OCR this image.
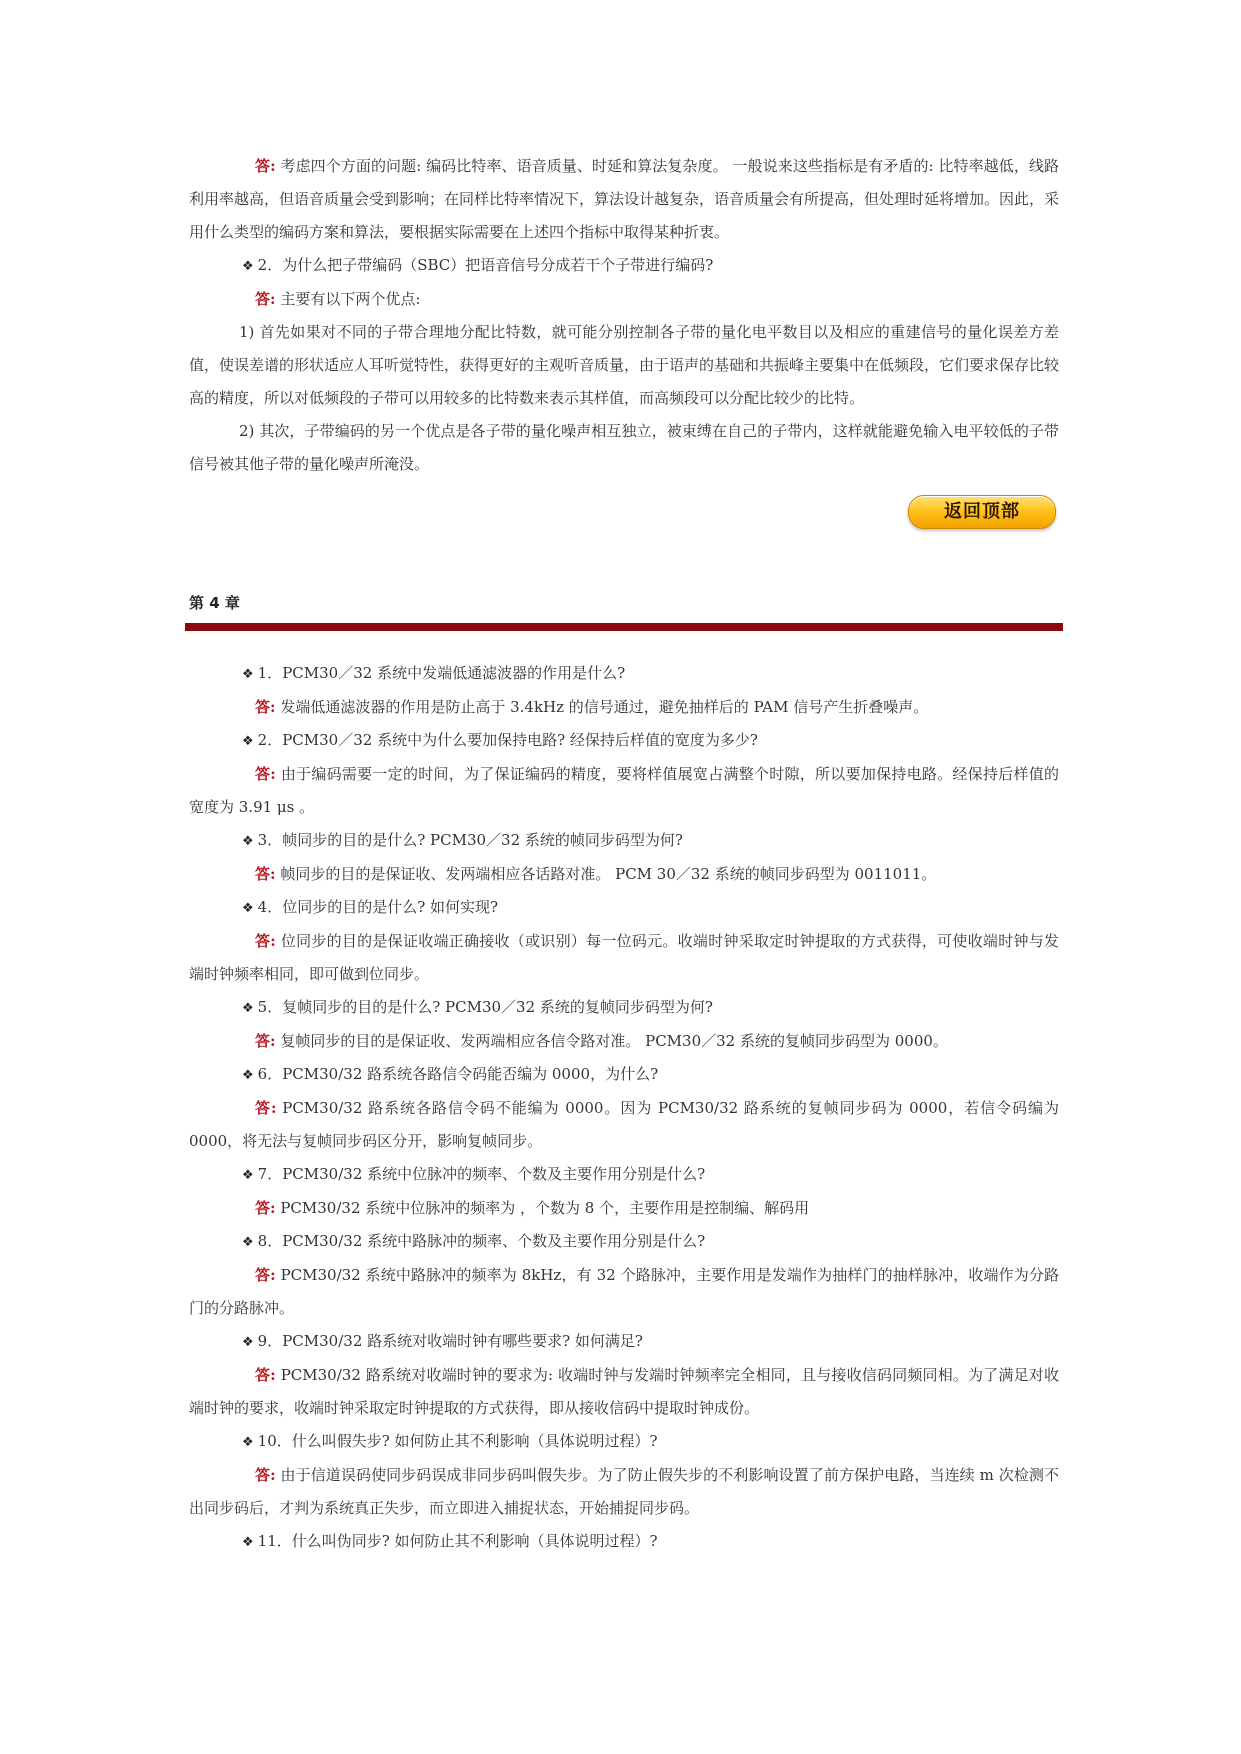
答: 考虑四个方面的问题: 编码比特率、语音质量、时延和算法复杂度。 一般说来这些指标是有矛盾的: 比特率越低，线路利用率越高，但语音质量会受到影响；在同样比特率情况下，算法设计越复杂，语音质量会有所提高，但处理时延将增加。因此，采用什么类型的编码方案和算法，要根据实际需要在上述四个指标中取得某种折衷。

❖ 2．为什么把子带编码（SBC）把语音信号分成若干个子带进行编码?

答: 主要有以下两个优点:

1) 首先如果对不同的子带合理地分配比特数，就可能分别控制各子带的量化电平数目以及相应的重建信号的量化误差方差值，使误差谱的形状适应人耳听觉特性，获得更好的主观听音质量，由于语声的基础和共振峰主要集中在低频段，它们要求保存比较高的精度，所以对低频段的子带可以用较多的比特数来表示其样值，而高频段可以分配比较少的比特。

2) 其次，子带编码的另一个优点是各子带的量化噪声相互独立，被束缚在自己的子带内，这样就能避免输入电平较低的子带信号被其他子带的量化噪声所淹没。

返回顶部
第 4 章

❖ 1．PCM30／32 系统中发端低通滤波器的作用是什么?

答: 发端低通滤波器的作用是防止高于 3.4kHz 的信号通过，避免抽样后的 PAM 信号产生折叠噪声。

❖ 2．PCM30／32 系统中为什么要加保持电路? 经保持后样值的宽度为多少?

答: 由于编码需要一定的时间，为了保证编码的精度，要将样值展宽占满整个时隙，所以要加保持电路。经保持后样值的宽度为 3.91 μs 。

❖ 3．帧同步的目的是什么? PCM30／32 系统的帧同步码型为何?

答: 帧同步的目的是保证收、发两端相应各话路对准。 PCM 30／32 系统的帧同步码型为 0011011。

❖ 4．位同步的目的是什么? 如何实现?

答: 位同步的目的是保证收端正确接收（或识别）每一位码元。收端时钟采取定时钟提取的方式获得，可使收端时钟与发端时钟频率相同，即可做到位同步。

❖ 5．复帧同步的目的是什么? PCM30／32 系统的复帧同步码型为何?

答: 复帧同步的目的是保证收、发两端相应各信令路对准。 PCM30／32 系统的复帧同步码型为 0000。

❖ 6．PCM30/32 路系统各路信令码能否编为 0000，为什么?

答: PCM30/32 路系统各路信令码不能编为 0000。因为 PCM30/32 路系统的复帧同步码为 0000，若信令码编为 0000，将无法与复帧同步码区分开，影响复帧同步。

❖ 7．PCM30/32 系统中位脉冲的频率、个数及主要作用分别是什么?

答: PCM30/32 系统中位脉冲的频率为 ，个数为 8 个，主要作用是控制编、解码用

❖ 8．PCM30/32 系统中路脉冲的频率、个数及主要作用分别是什么?

答: PCM30/32 系统中路脉冲的频率为 8kHz，有 32 个路脉冲，主要作用是发端作为抽样门的抽样脉冲，收端作为分路门的分路脉冲。

❖ 9．PCM30/32 路系统对收端时钟有哪些要求? 如何满足?

答: PCM30/32 路系统对收端时钟的要求为: 收端时钟与发端时钟频率完全相同，且与接收信码同频同相。为了满足对收端时钟的要求，收端时钟采取定时钟提取的方式获得，即从接收信码中提取时钟成份。

❖ 10．什么叫假失步? 如何防止其不利影响（具体说明过程）?

答: 由于信道误码使同步码误成非同步码叫假失步。为了防止假失步的不利影响设置了前方保护电路，当连续 m 次检测不出同步码后，才判为系统真正失步，而立即进入捕捉状态，开始捕捉同步码。

❖ 11．什么叫伪同步? 如何防止其不利影响（具体说明过程）?
